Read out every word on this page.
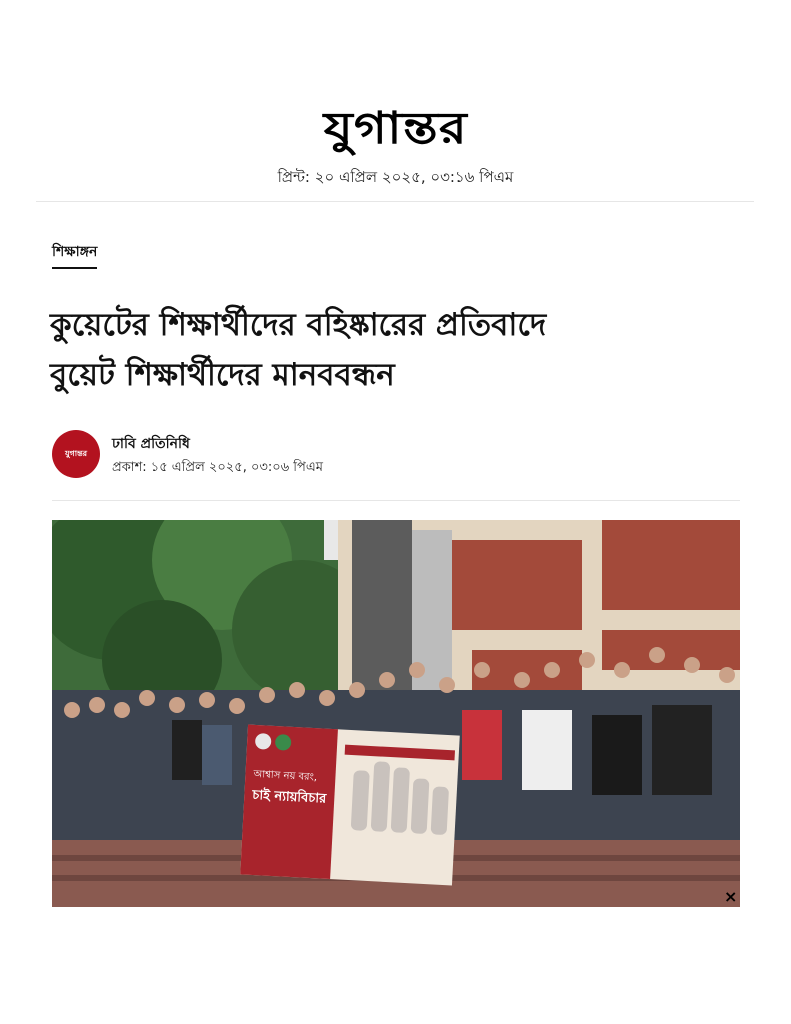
যুগান্তর
প্রিন্ট: ২০ এপ্রিল ২০২৫, ০৩:১৬ পিএম
শিক্ষাঙ্গন
কুয়েটের শিক্ষার্থীদের বহিষ্কারের প্রতিবাদে
বুয়েট শিক্ষার্থীদের মানববন্ধন
যুগান্তর
ঢাবি প্রতিনিধি
প্রকাশ: ১৫ এপ্রিল ২০২৫, ০৩:০৬ পিএম
আশ্বাস নয় বরং,
চাই ন্যায়বিচার
×
